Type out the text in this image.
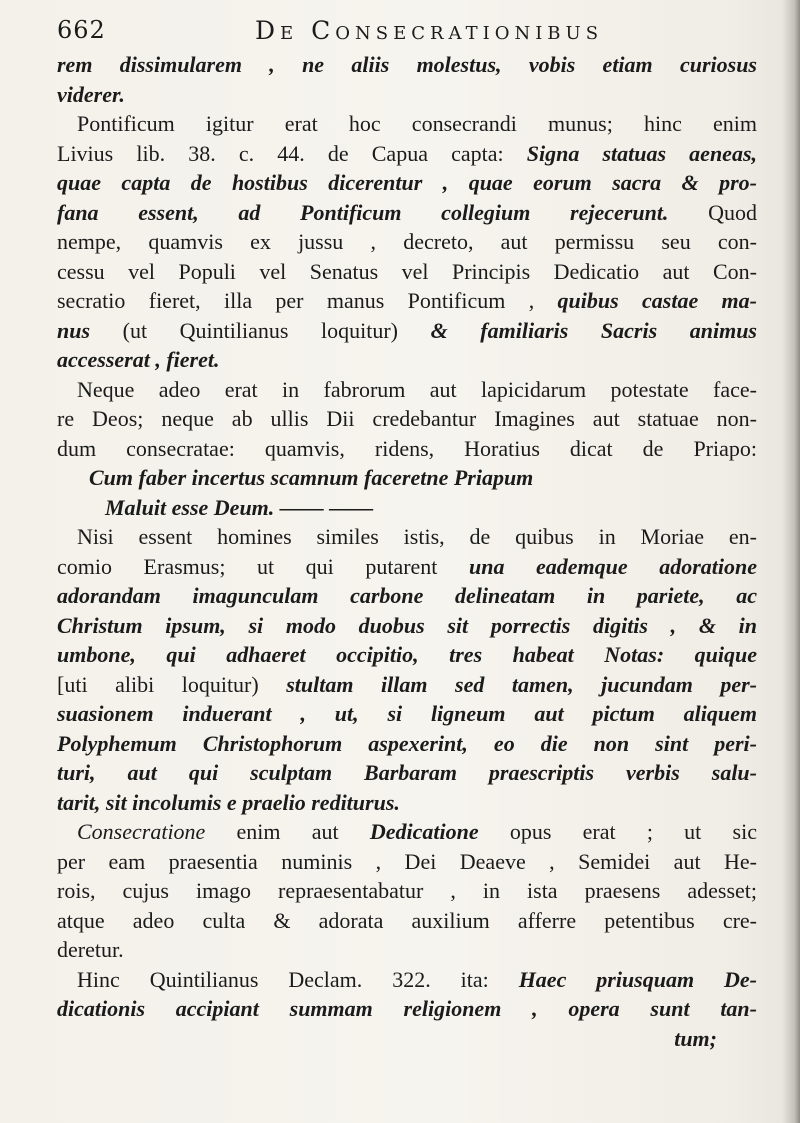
662	De Consecrationibus
rem dissimularem , ne aliis molestus, vobis etiam curiosus
viderer.
Pontificum igitur erat hoc consecrandi munus; hinc enim
Livius lib. 38. c. 44. de Capua capta: Signa statuas aeneas,
quae capta de hostibus dicerentur , quae eorum sacra & pro-
fana essent, ad Pontificum collegium rejecerunt. Quod
nempe, quamvis ex jussu , decreto, aut permissu seu con-
cessu vel Populi vel Senatus vel Principis Dedicatio aut Con-
secratio fieret, illa per manus Pontificum , quibus castae ma-
nus (ut Quintilianus loquitur) & familiaris Sacris animus
accesserat , fieret.
Neque adeo erat in fabrorum aut lapicidarum potestate face-
re Deos; neque ab ullis Dii credebantur Imagines aut statuae non-
dum consecratae: quamvis, ridens, Horatius dicat de Priapo:
Cum faber incertus scamnum faceretne Priapum
Maluit esse Deum. —— ——
Nisi essent homines similes istis, de quibus in Moriae en-
comio Erasmus; ut qui putarent una eademque adoratione
adorandam imagunculam carbone delineatam in pariete, ac
Christum ipsum, si modo duobus sit porrectis digitis , & in
umbone, qui adhaeret occipitio, tres habeat Notas: quique
[uti alibi loquitur) stultam illam sed tamen, jucundam per-
suasionem induerant , ut, si ligneum aut pictum aliquem
Polyphemum Christophorum aspexerint, eo die non sint peri-
turi, aut qui sculptam Barbaram praescriptis verbis salu-
tarit, sit incolumis e praelio rediturus.
Consecratione enim aut Dedicatione opus erat ; ut sic
per eam praesentia numinis , Dei Deaeve , Semidei aut He-
rois, cujus imago repraesentabatur , in ista praesens adesset;
atque adeo culta & adorata auxilium afferre petentibus cre-
deretur.
Hinc Quintilianus Declam. 322. ita: Haec priusquam De-
dicationis accipiant summam religionem , opera sunt tan-
tum;
